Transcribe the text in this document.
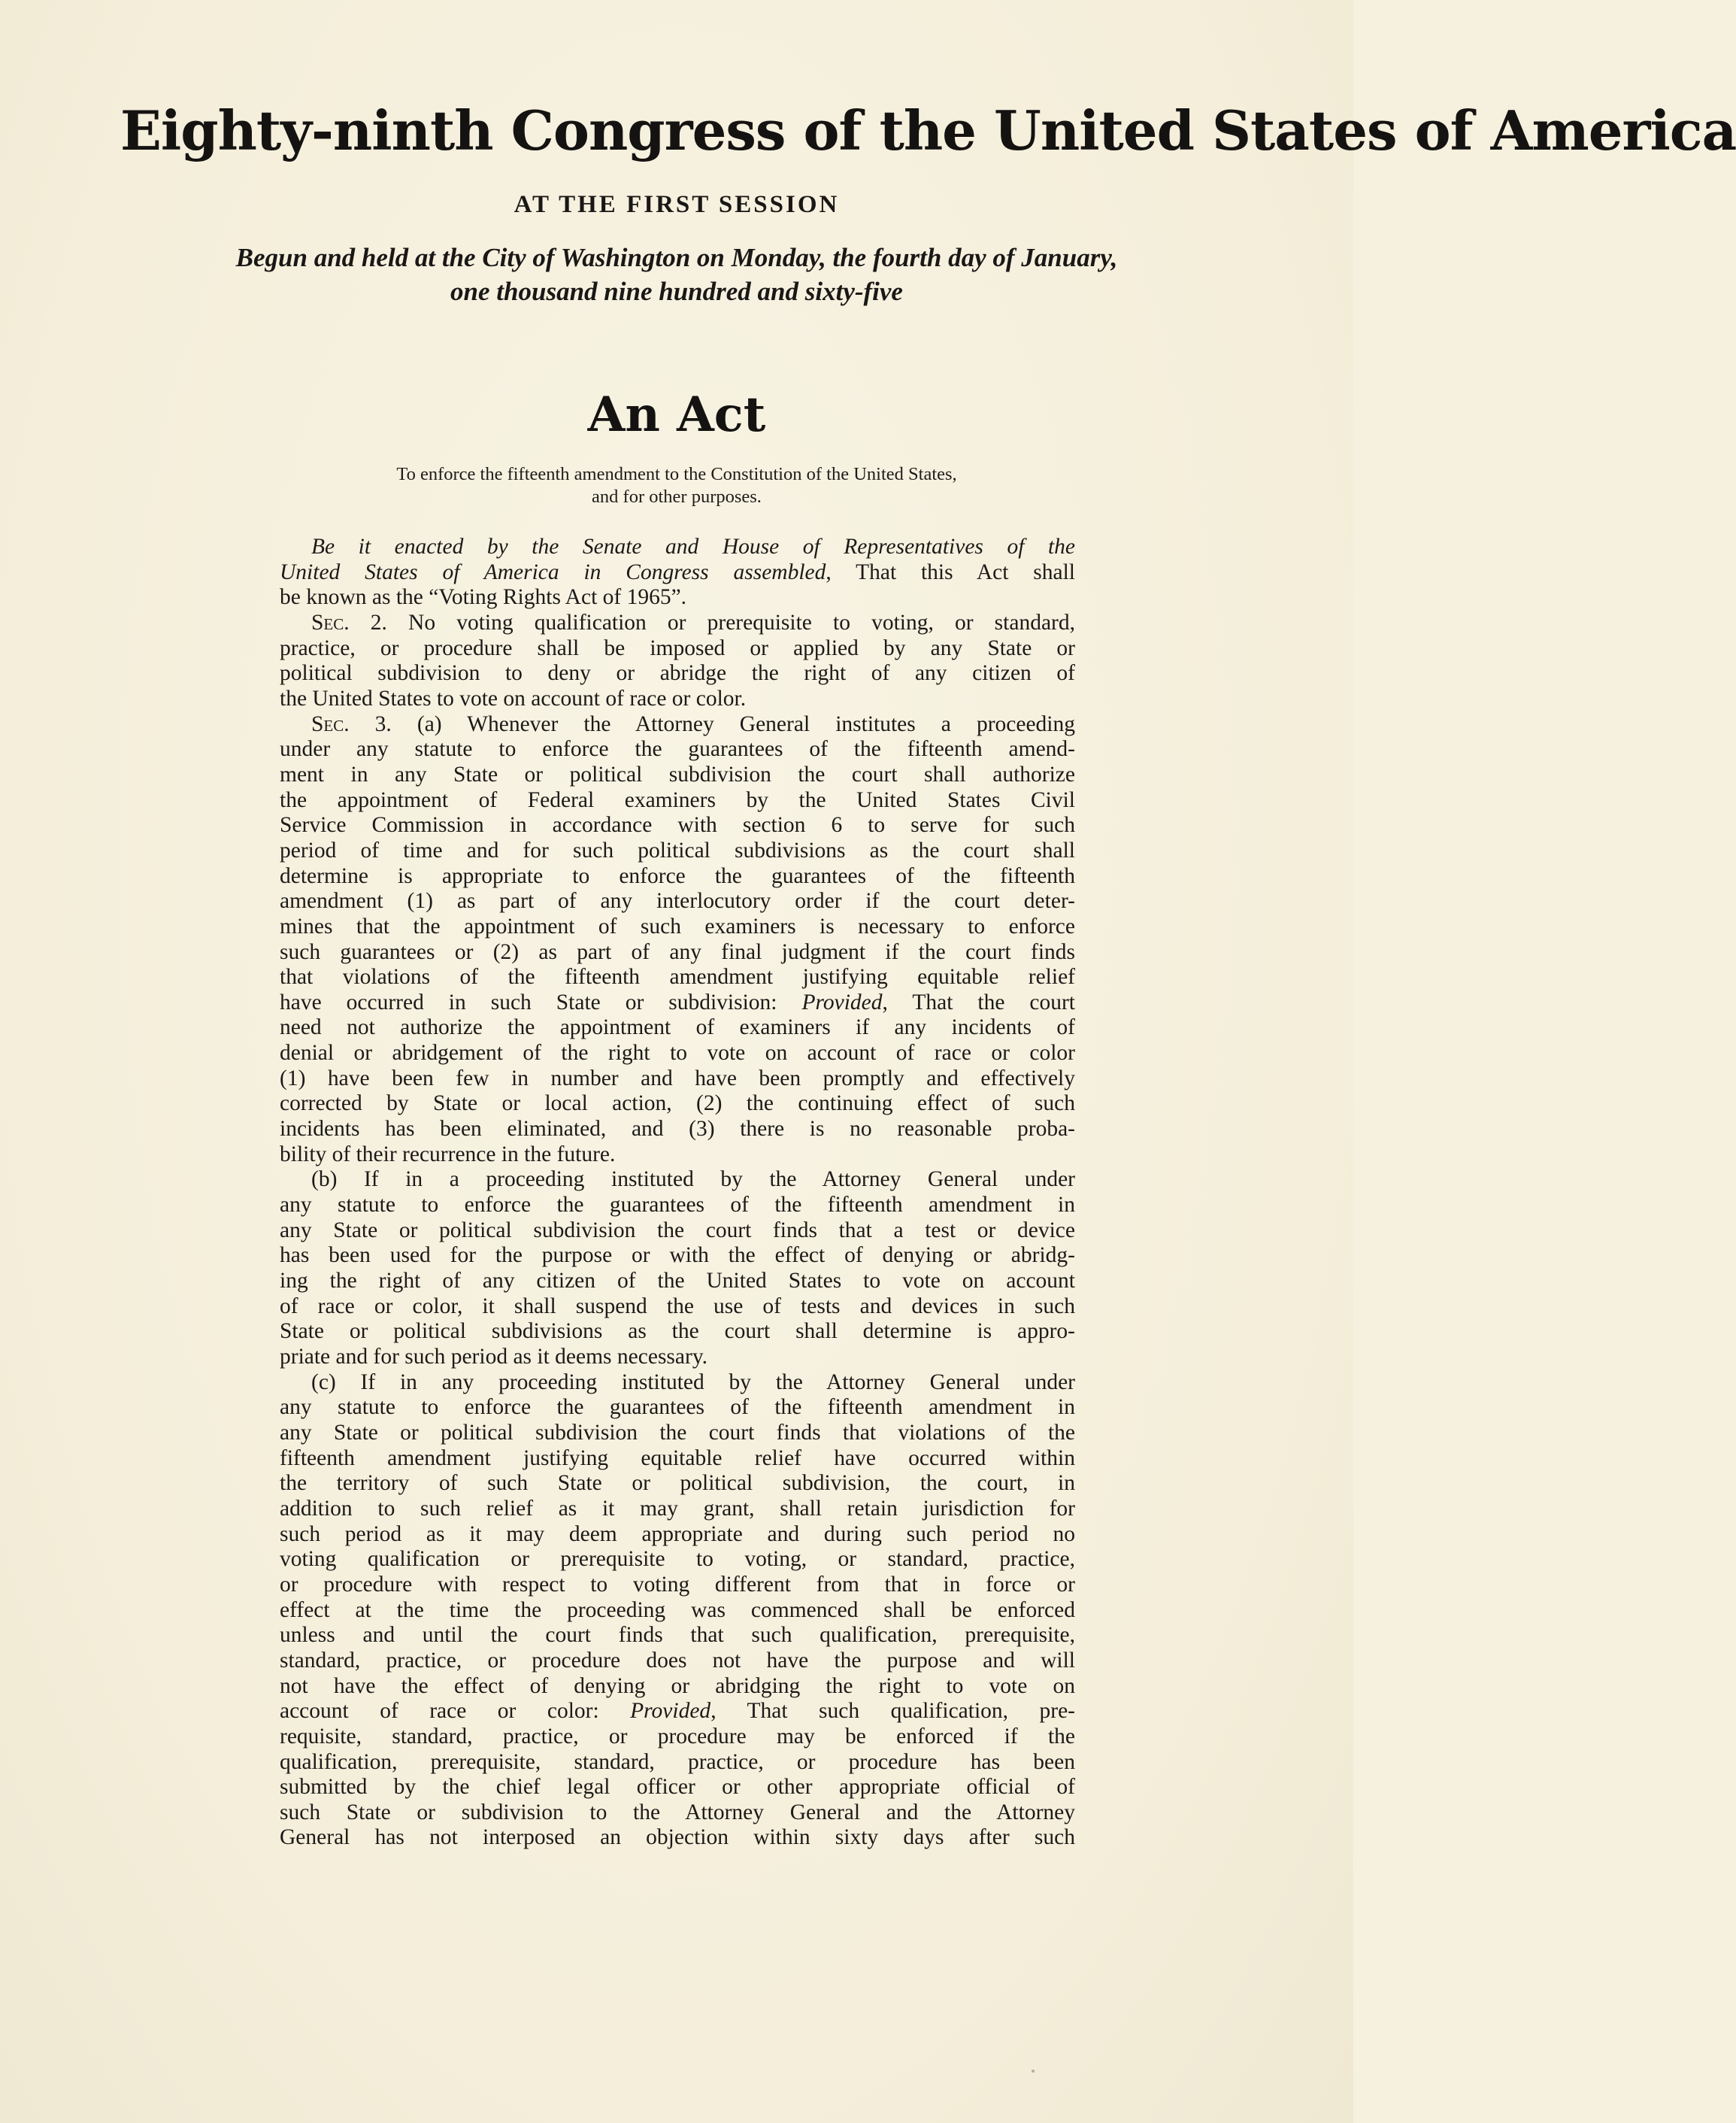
Eighty-ninth Congress of the United States of America
AT THE FIRST SESSION
Begun and held at the City of Washington on Monday, the fourth day of January,
one thousand nine hundred and sixty-five
An Act
To enforce the fifteenth amendment to the Constitution of the United States,
and for other purposes.
Be it enacted by the Senate and House of Representatives of the
United States of America in Congress assembled, That this Act shall
be known as the “Voting Rights Act of 1965”.
Sec. 2. No voting qualification or prerequisite to voting, or standard,
practice, or procedure shall be imposed or applied by any State or
political subdivision to deny or abridge the right of any citizen of
the United States to vote on account of race or color.
Sec. 3. (a) Whenever the Attorney General institutes a proceeding
under any statute to enforce the guarantees of the fifteenth amend-
ment in any State or political subdivision the court shall authorize
the appointment of Federal examiners by the United States Civil
Service Commission in accordance with section 6 to serve for such
period of time and for such political subdivisions as the court shall
determine is appropriate to enforce the guarantees of the fifteenth
amendment (1) as part of any interlocutory order if the court deter-
mines that the appointment of such examiners is necessary to enforce
such guarantees or (2) as part of any final judgment if the court finds
that violations of the fifteenth amendment justifying equitable relief
have occurred in such State or subdivision: Provided, That the court
need not authorize the appointment of examiners if any incidents of
denial or abridgement of the right to vote on account of race or color
(1) have been few in number and have been promptly and effectively
corrected by State or local action, (2) the continuing effect of such
incidents has been eliminated, and (3) there is no reasonable proba-
bility of their recurrence in the future.
(b) If in a proceeding instituted by the Attorney General under
any statute to enforce the guarantees of the fifteenth amendment in
any State or political subdivision the court finds that a test or device
has been used for the purpose or with the effect of denying or abridg-
ing the right of any citizen of the United States to vote on account
of race or color, it shall suspend the use of tests and devices in such
State or political subdivisions as the court shall determine is appro-
priate and for such period as it deems necessary.
(c) If in any proceeding instituted by the Attorney General under
any statute to enforce the guarantees of the fifteenth amendment in
any State or political subdivision the court finds that violations of the
fifteenth amendment justifying equitable relief have occurred within
the territory of such State or political subdivision, the court, in
addition to such relief as it may grant, shall retain jurisdiction for
such period as it may deem appropriate and during such period no
voting qualification or prerequisite to voting, or standard, practice,
or procedure with respect to voting different from that in force or
effect at the time the proceeding was commenced shall be enforced
unless and until the court finds that such qualification, prerequisite,
standard, practice, or procedure does not have the purpose and will
not have the effect of denying or abridging the right to vote on
account of race or color: Provided, That such qualification, pre-
requisite, standard, practice, or procedure may be enforced if the
qualification, prerequisite, standard, practice, or procedure has been
submitted by the chief legal officer or other appropriate official of
such State or subdivision to the Attorney General and the Attorney
General has not interposed an objection within sixty days after such
